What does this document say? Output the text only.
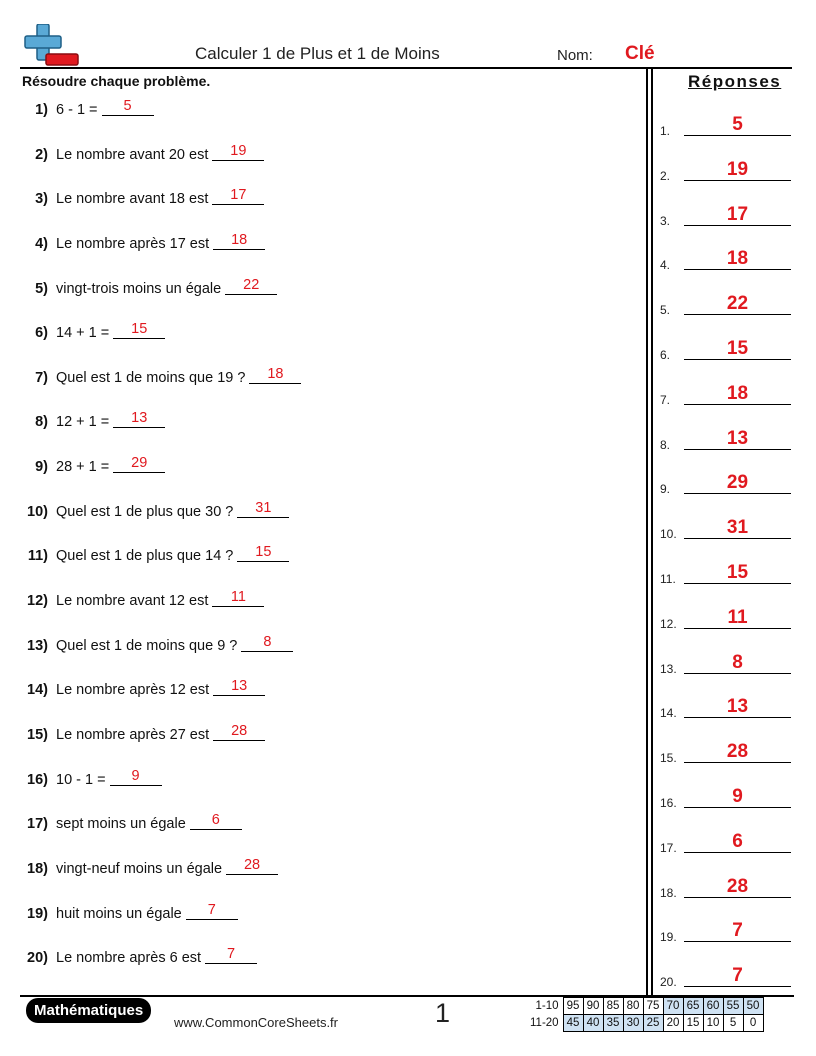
Calculer 1 de Plus et 1 de Moins	Nom: Clé
Résoudre chaque problème.	Réponses
1) 6 - 1 =	5
2) Le nombre avant 20 est	19
3) Le nombre avant 18 est	17
4) Le nombre après 17 est	18
5) vingt-trois moins un égale	22
6) 14 + 1 =	15
7) Quel est 1 de moins que 19 ?	18
8) 12 + 1 =	13
9) 28 + 1 =	29
10) Quel est 1 de plus que 30 ?	31
11) Quel est 1 de plus que 14 ?	15
12) Le nombre avant 12 est	11
13) Quel est 1 de moins que 9 ?	8
14) Le nombre après 12 est	13
15) Le nombre après 27 est	28
16) 10 - 1 =	9
17) sept moins un égale	6
18) vingt-neuf moins un égale	28
19) huit moins un égale	7
20) Le nombre après 6 est	7
1.	5
2.	19
3.	17
4.	18
5.	22
6.	15
7.	18
8.	13
9.	29
10.	31
11.	15
12.	11
13.	8
14.	13
15.	28
16.	9
17.	6
18.	28
19.	7
20.	7
Mathématiques
www.CommonCoreSheets.fr	1	1-10	95	90	85	80	75	70	65	60	55	50
11-20	45	40	35	30	25	20	15	10	5	0
